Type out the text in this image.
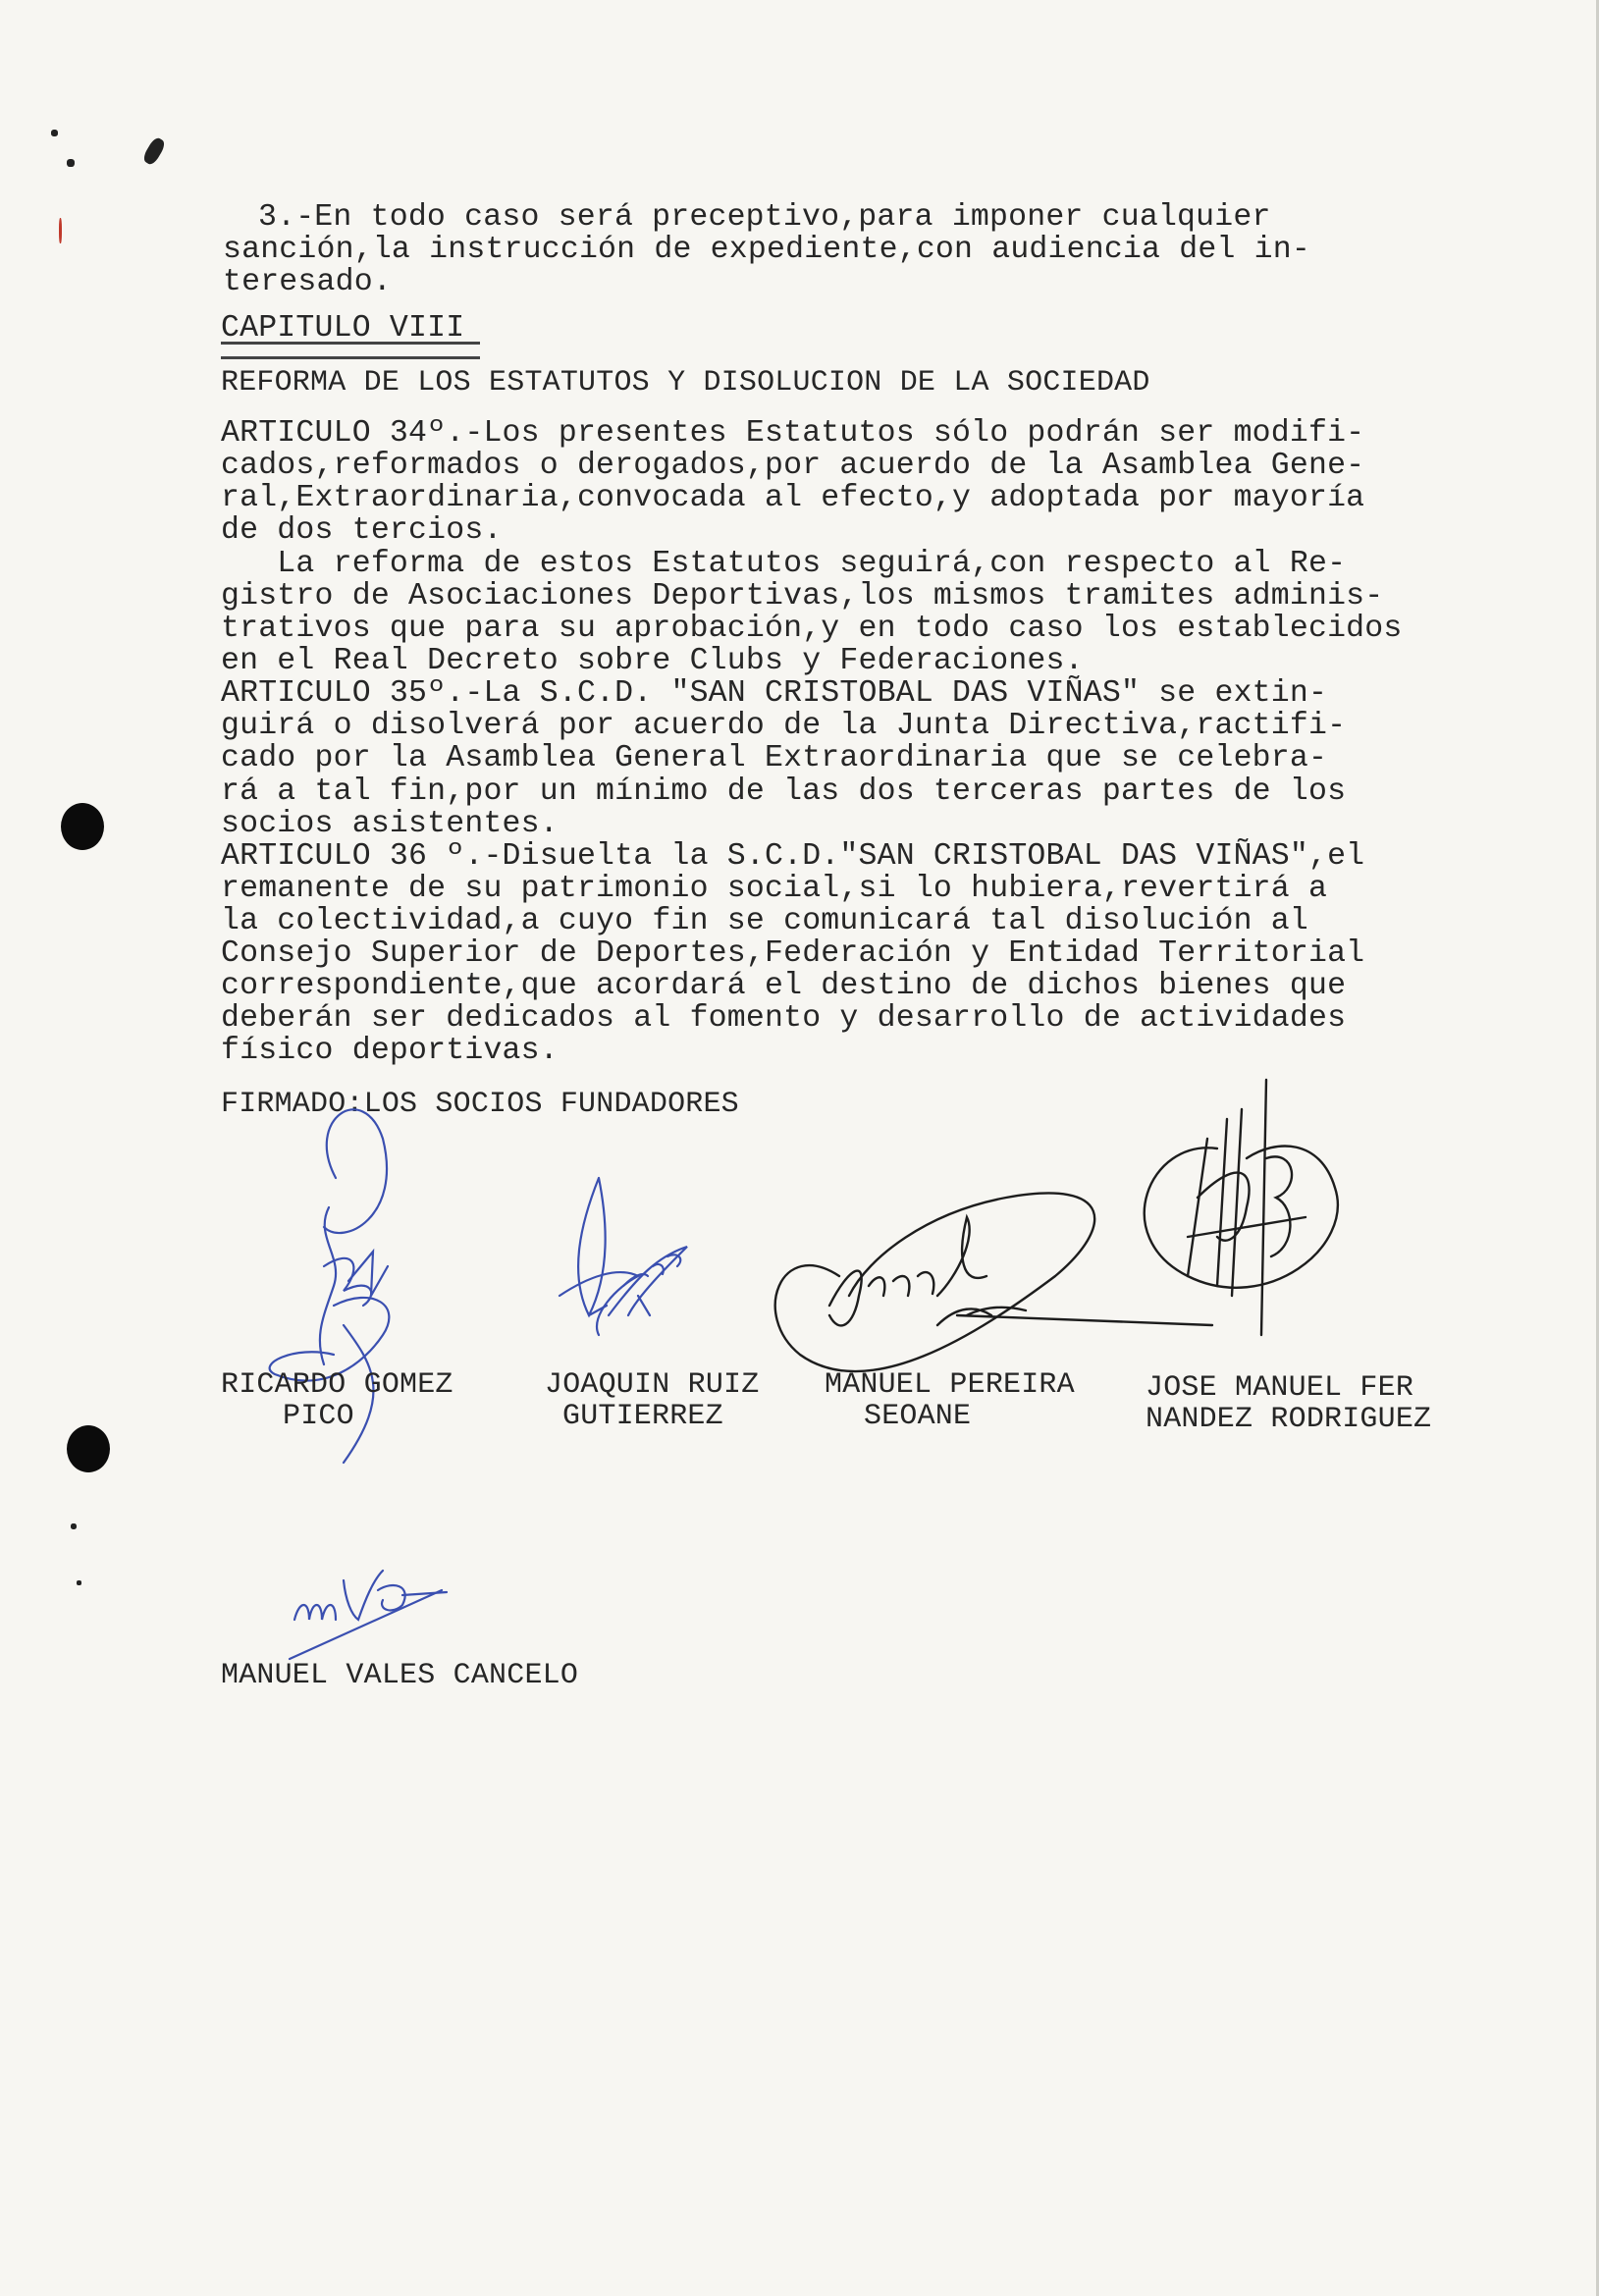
3.-En todo caso será preceptivo,para imponer cualquier
sanción,la instrucción de expediente,con audiencia del in-
teresado.
CAPITULO VIII
REFORMA DE LOS ESTATUTOS Y DISOLUCION DE LA SOCIEDAD
ARTICULO 34º.-Los presentes Estatutos sólo podrán ser modifi-
cados,reformados o derogados,por acuerdo de la Asamblea Gene-
ral,Extraordinaria,convocada al efecto,y adoptada por mayoría
de dos tercios.
La reforma de estos Estatutos seguirá,con respecto al Re-
gistro de Asociaciones Deportivas,los mismos tramites adminis-
trativos que para su aprobación,y en todo caso los establecidos
en el Real Decreto sobre Clubs y Federaciones.
ARTICULO 35º.-La S.C.D. "SAN CRISTOBAL DAS VIÑAS" se extin-
guirá o disolverá por acuerdo de la Junta Directiva,ractifi-
cado por la Asamblea General Extraordinaria que se celebra-
rá a tal fin,por un mínimo de las dos terceras partes de los
socios asistentes.
ARTICULO 36 º.-Disuelta la S.C.D."SAN CRISTOBAL DAS VIÑAS",el
remanente de su patrimonio social,si lo hubiera,revertirá a
la colectividad,a cuyo fin se comunicará tal disolución al
Consejo Superior de Deportes,Federación y Entidad Territorial
correspondiente,que acordará el destino de dichos bienes que
deberán ser dedicados al fomento y desarrollo de actividades
físico deportivas.
FIRMADO:LOS SOCIOS FUNDADORES
RICARDO GOMEZ
PICO
JOAQUIN RUIZ
GUTIERREZ
MANUEL PEREIRA
SEOANE
JOSE MANUEL FER
NANDEZ RODRIGUEZ
MANUEL VALES CANCELO
